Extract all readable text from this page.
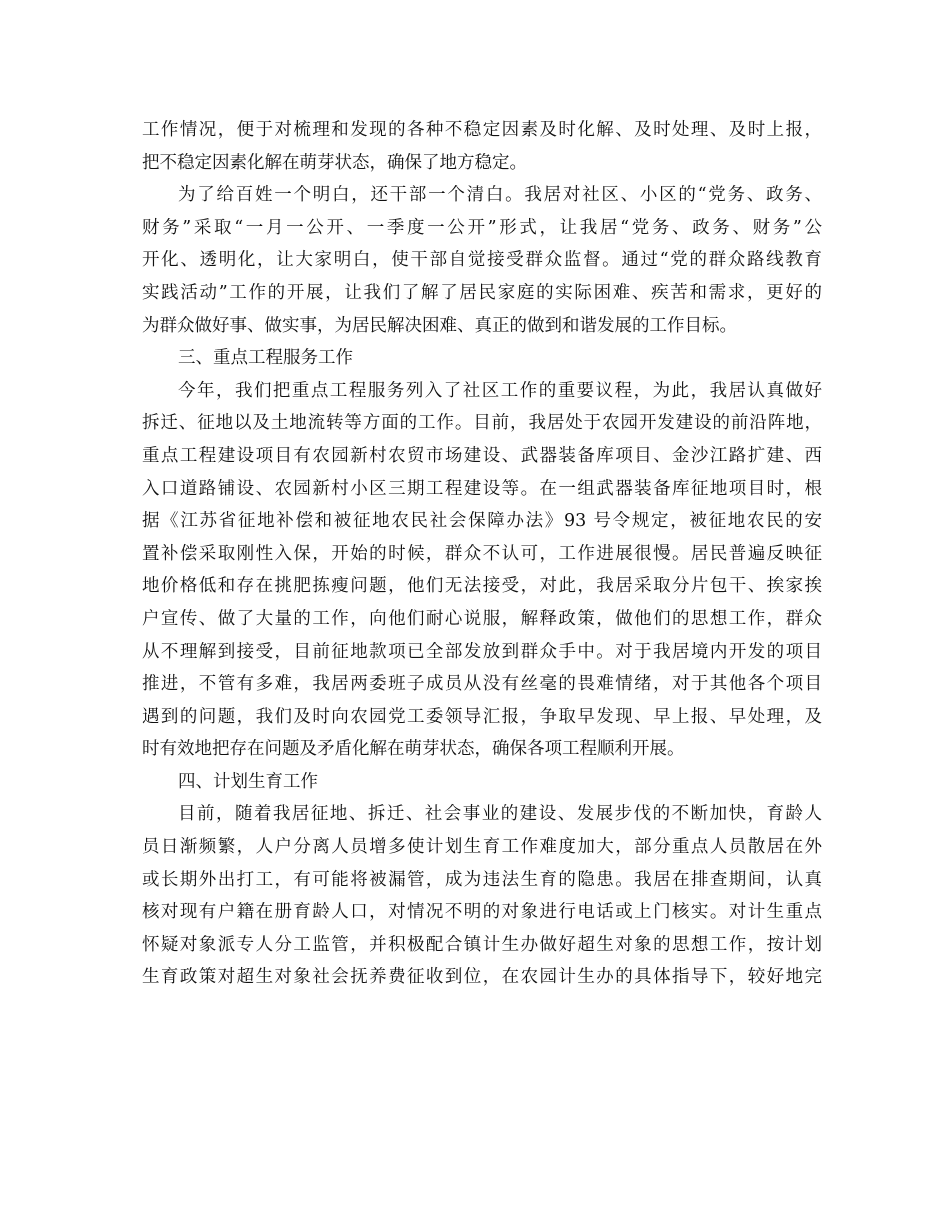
工作情况，便于对梳理和发现的各种不稳定因素及时化解、及时处理、及时上报，
把不稳定因素化解在萌芽状态，确保了地方稳定。
为了给百姓一个明白，还干部一个清白。我居对社区、小区的“党务、政务、
财务”采取“一月一公开、一季度一公开”形式，让我居“党务、政务、财务”公
开化、透明化，让大家明白，使干部自觉接受群众监督。通过“党的群众路线教育
实践活动”工作的开展，让我们了解了居民家庭的实际困难、疾苦和需求，更好的
为群众做好事、做实事，为居民解决困难、真正的做到和谐发展的工作目标。
三、重点工程服务工作
今年，我们把重点工程服务列入了社区工作的重要议程，为此，我居认真做好
拆迁、征地以及土地流转等方面的工作。目前，我居处于农园开发建设的前沿阵地，
重点工程建设项目有农园新村农贸市场建设、武器装备库项目、金沙江路扩建、西
入口道路铺设、农园新村小区三期工程建设等。在一组武器装备库征地项目时，根
据《江苏省征地补偿和被征地农民社会保障办法》93 号令规定，被征地农民的安
置补偿采取刚性入保，开始的时候，群众不认可，工作进展很慢。居民普遍反映征
地价格低和存在挑肥拣瘦问题，他们无法接受，对此，我居采取分片包干、挨家挨
户宣传、做了大量的工作，向他们耐心说服，解释政策，做他们的思想工作，群众
从不理解到接受，目前征地款项已全部发放到群众手中。对于我居境内开发的项目
推进，不管有多难，我居两委班子成员从没有丝毫的畏难情绪，对于其他各个项目
遇到的问题，我们及时向农园党工委领导汇报，争取早发现、早上报、早处理，及
时有效地把存在问题及矛盾化解在萌芽状态，确保各项工程顺利开展。
四、计划生育工作
目前，随着我居征地、拆迁、社会事业的建设、发展步伐的不断加快，育龄人
员日渐频繁，人户分离人员增多使计划生育工作难度加大，部分重点人员散居在外
或长期外出打工，有可能将被漏管，成为违法生育的隐患。我居在排查期间，认真
核对现有户籍在册育龄人口，对情况不明的对象进行电话或上门核实。对计生重点
怀疑对象派专人分工监管，并积极配合镇计生办做好超生对象的思想工作，按计划
生育政策对超生对象社会抚养费征收到位，在农园计生办的具体指导下，较好地完
